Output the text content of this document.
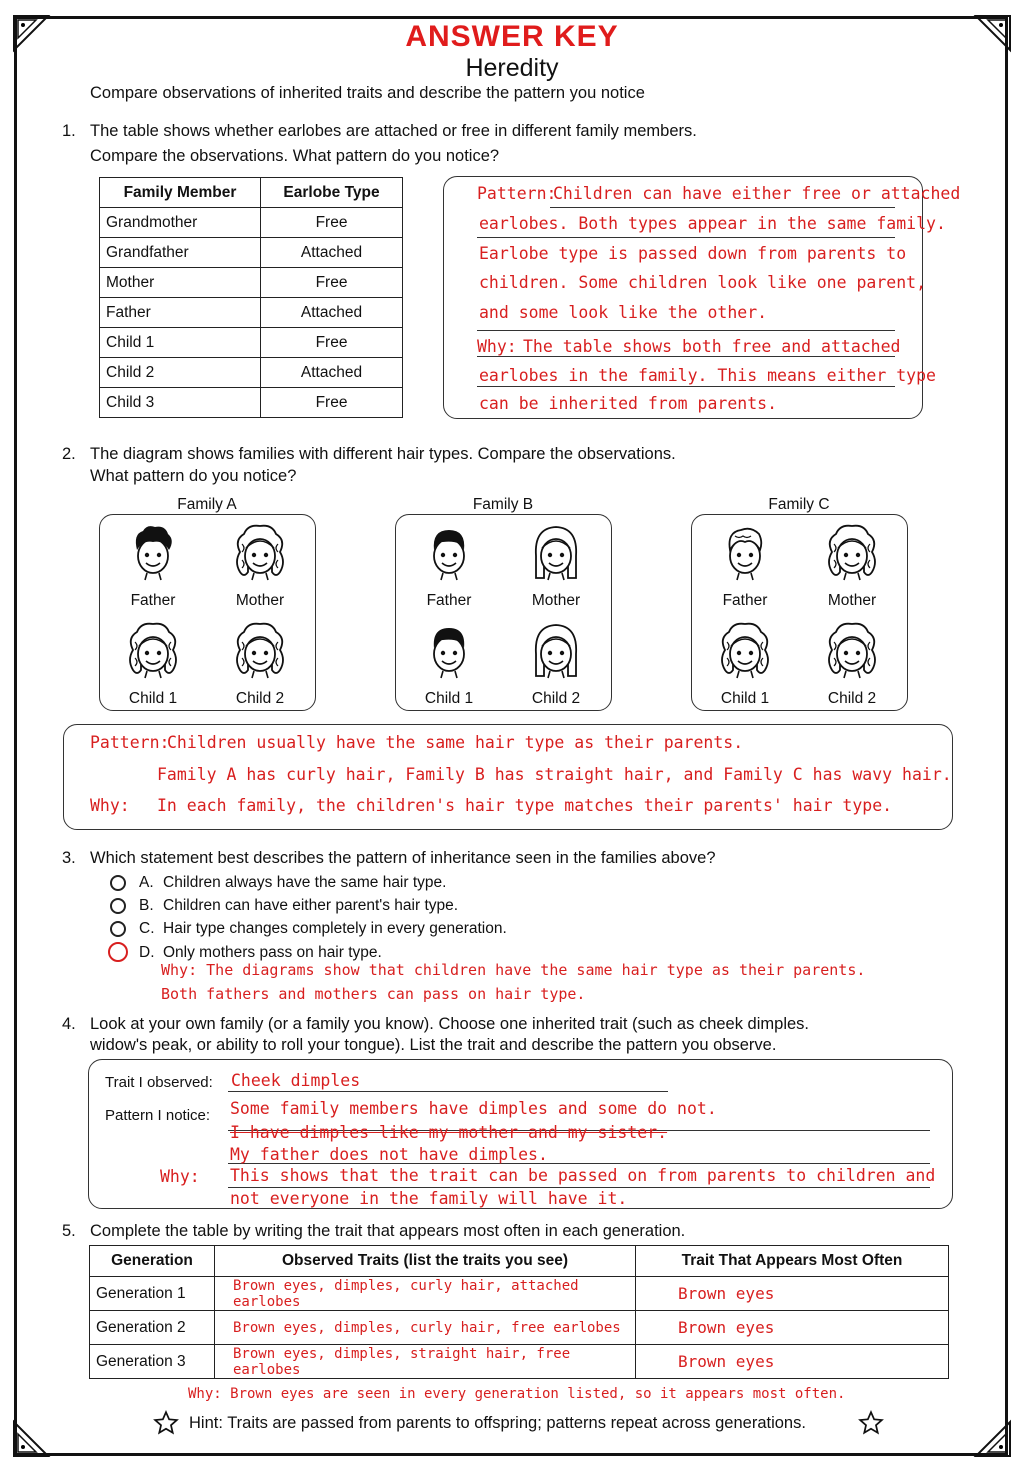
ANSWER KEY
Heredity
Compare observations of inherited traits and describe the pattern you notice
1. The table shows whether earlobes are attached or free in different family members.
Compare the observations. What pattern do you notice?
Family Member	Earlobe Type
Grandmother	Free
Grandfather	Attached
Mother	Free
Father	Attached
Child 1	Free
Child 2	Attached
Child 3	Free
Pattern:
Children can have either free or attached
earlobes. Both types appear in the same family.
Earlobe type is passed down from parents to
children. Some children look like one parent,
and some look like the other.
Why: The table shows both free and attached
earlobes in the family. This means either type
can be inherited from parents.
2. The diagram shows families with different hair types. Compare the observations.
What pattern do you notice?
Family A
Father	Mother
Child 1	Child 2
Family B
Father	Mother
Child 1	Child 2
Family C
Father	Mother
Child 1	Child 2
Pattern:
Children usually have the same hair type as their parents.
Family A has curly hair, Family B has straight hair, and Family C has wavy hair.
Why: In each family, the children's hair type matches their parents' hair type.
3. Which statement best describes the pattern of inheritance seen in the families above?
A. Children always have the same hair type.
B. Children can have either parent's hair type.
C. Hair type changes completely in every generation.
D. Only mothers pass on hair type.
Why: The diagrams show that children have the same hair type as their parents.
Both fathers and mothers can pass on hair type.
4. Look at your own family (or a family you know). Choose one inherited trait (such as cheek dimples.
widow's peak, or ability to roll your tongue). List the trait and describe the pattern you observe.
Trait I observed: Cheek dimples
Pattern I notice: Some family members have dimples and some do not.
I have dimples like my mother and my sister.
My father does not have dimples.
Why: This shows that the trait can be passed on from parents to children and
not everyone in the family will have it.
5. Complete the table by writing the trait that appears most often in each generation.
Generation	Observed Traits (list the traits you see)	Trait That Appears Most Often
Generation 1	Brown eyes, dimples, curly hair, attached earlobes	Brown eyes
Generation 2	Brown eyes, dimples, curly hair, free earlobes	Brown eyes
Generation 3	Brown eyes, dimples, straight hair, free earlobes	Brown eyes
Why: Brown eyes are seen in every generation listed, so it appears most often.
Hint: Traits are passed from parents to offspring; patterns repeat across generations.
